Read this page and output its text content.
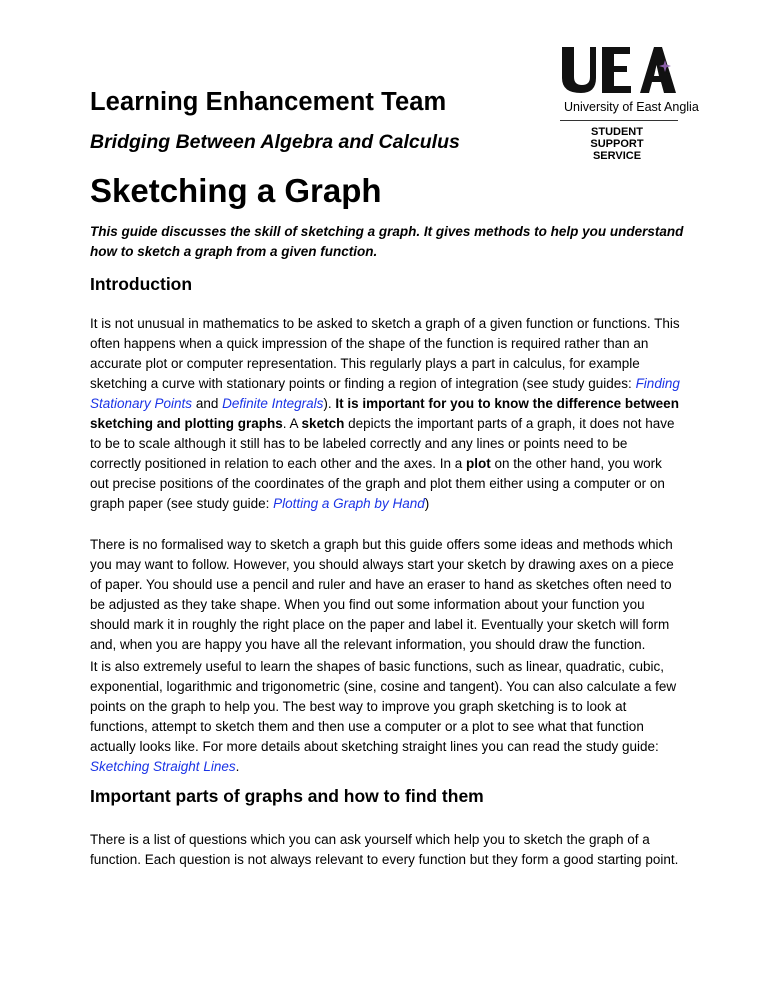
Learning Enhancement Team
Bridging Between Algebra and Calculus
University of East Anglia
STUDENT SUPPORT
SERVICE
Sketching a Graph
This guide discusses the skill of sketching a graph. It gives methods to help you understand how to sketch a graph from a given function.
Introduction
It is not unusual in mathematics to be asked to sketch a graph of a given function or functions. This often happens when a quick impression of the shape of the function is required rather than an accurate plot or computer representation. This regularly plays a part in calculus, for example sketching a curve with stationary points or finding a region of integration (see study guides: Finding Stationary Points and Definite Integrals). It is important for you to know the difference between sketching and plotting graphs. A sketch depicts the important parts of a graph, it does not have to be to scale although it still has to be labeled correctly and any lines or points need to be correctly positioned in relation to each other and the axes. In a plot on the other hand, you work out precise positions of the coordinates of the graph and plot them either using a computer or on graph paper (see study guide: Plotting a Graph by Hand)
There is no formalised way to sketch a graph but this guide offers some ideas and methods which you may want to follow. However, you should always start your sketch by drawing axes on a piece of paper. You should use a pencil and ruler and have an eraser to hand as sketches often need to be adjusted as they take shape. When you find out some information about your function you should mark it in roughly the right place on the paper and label it. Eventually your sketch will form and, when you are happy you have all the relevant information, you should draw the function.
It is also extremely useful to learn the shapes of basic functions, such as linear, quadratic, cubic, exponential, logarithmic and trigonometric (sine, cosine and tangent). You can also calculate a few points on the graph to help you. The best way to improve you graph sketching is to look at functions, attempt to sketch them and then use a computer or a plot to see what that function actually looks like. For more details about sketching straight lines you can read the study guide: Sketching Straight Lines.
Important parts of graphs and how to find them
There is a list of questions which you can ask yourself which help you to sketch the graph of a function. Each question is not always relevant to every function but they form a good starting point.
